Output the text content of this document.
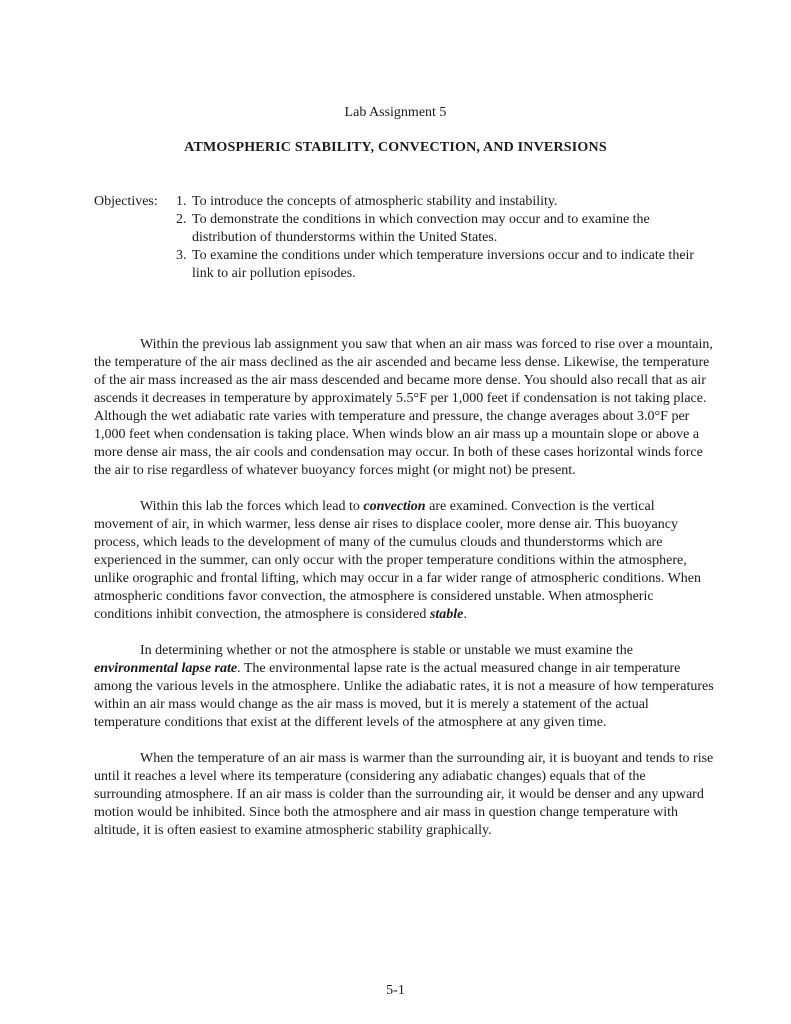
Lab Assignment 5
ATMOSPHERIC STABILITY, CONVECTION, AND INVERSIONS
Objectives: 1. To introduce the concepts of atmospheric stability and instability.
2. To demonstrate the conditions in which convection may occur and to examine the distribution of thunderstorms within the United States.
3. To examine the conditions under which temperature inversions occur and to indicate their link to air pollution episodes.

Within the previous lab assignment you saw that when an air mass was forced to rise over a mountain, the temperature of the air mass declined as the air ascended and became less dense. Likewise, the temperature of the air mass increased as the air mass descended and became more dense. You should also recall that as air ascends it decreases in temperature by approximately 5.5°F per 1,000 feet if condensation is not taking place. Although the wet adiabatic rate varies with temperature and pressure, the change averages about 3.0°F per 1,000 feet when condensation is taking place. When winds blow an air mass up a mountain slope or above a more dense air mass, the air cools and condensation may occur. In both of these cases horizontal winds force the air to rise regardless of whatever buoyancy forces might (or might not) be present.

Within this lab the forces which lead to convection are examined. Convection is the vertical movement of air, in which warmer, less dense air rises to displace cooler, more dense air. This buoyancy process, which leads to the development of many of the cumulus clouds and thunderstorms which are experienced in the summer, can only occur with the proper temperature conditions within the atmosphere, unlike orographic and frontal lifting, which may occur in a far wider range of atmospheric conditions. When atmospheric conditions favor convection, the atmosphere is considered unstable. When atmospheric conditions inhibit convection, the atmosphere is considered stable.

In determining whether or not the atmosphere is stable or unstable we must examine the environmental lapse rate. The environmental lapse rate is the actual measured change in air temperature among the various levels in the atmosphere. Unlike the adiabatic rates, it is not a measure of how temperatures within an air mass would change as the air mass is moved, but it is merely a statement of the actual temperature conditions that exist at the different levels of the atmosphere at any given time.

When the temperature of an air mass is warmer than the surrounding air, it is buoyant and tends to rise until it reaches a level where its temperature (considering any adiabatic changes) equals that of the surrounding atmosphere. If an air mass is colder than the surrounding air, it would be denser and any upward motion would be inhibited. Since both the atmosphere and air mass in question change temperature with altitude, it is often easiest to examine atmospheric stability graphically.

5-1
